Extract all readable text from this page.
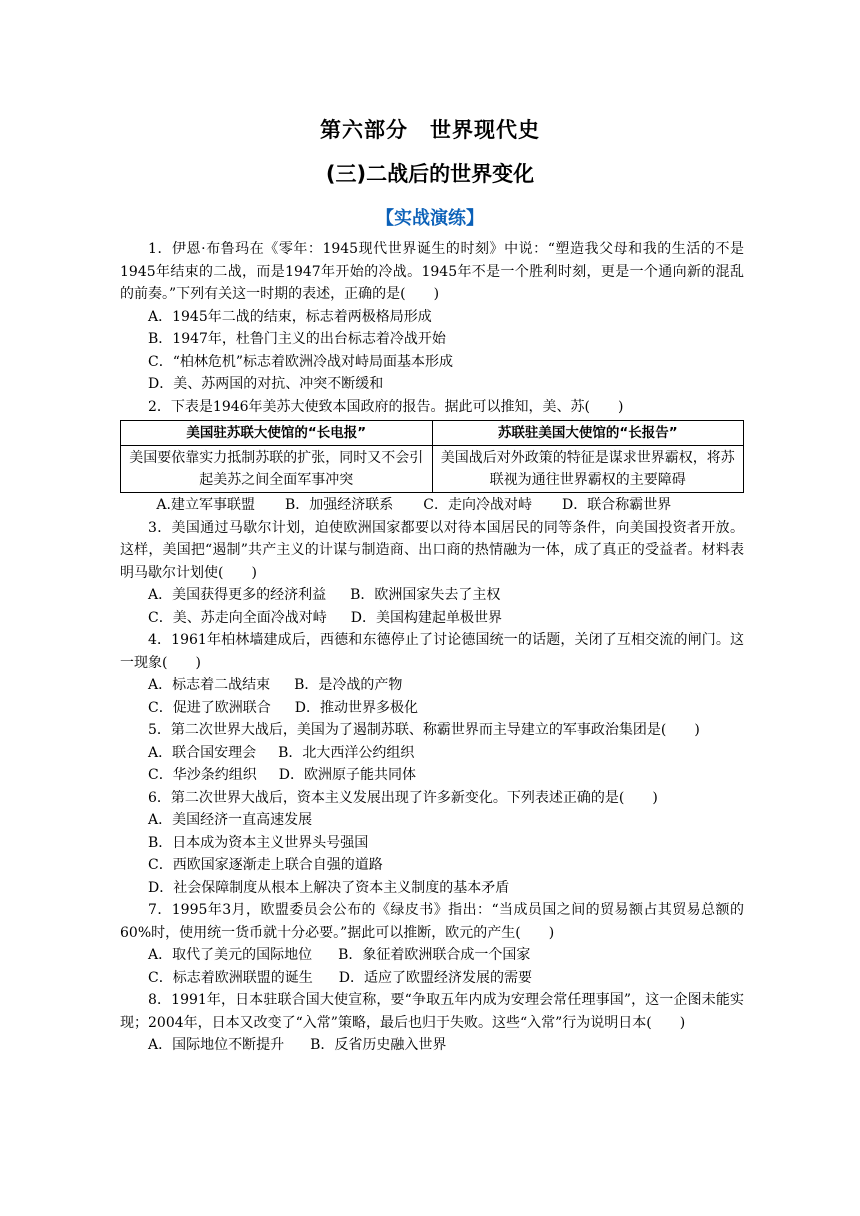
第六部分　世界现代史
(三)二战后的世界变化
【实战演练】

1．伊恩·布鲁玛在《零年：1945现代世界诞生的时刻》中说：“塑造我父母和我的生活的不是1945年结束的二战，而是1947年开始的冷战。1945年不是一个胜利时刻，更是一个通向新的混乱的前奏。”下列有关这一时期的表述，正确的是(　　)

A．1945年二战的结束，标志着两极格局形成

B．1947年，杜鲁门主义的出台标志着冷战开始

C．“柏林危机”标志着欧洲冷战对峙局面基本形成

D．美、苏两国的对抗、冲突不断缓和

2．下表是1946年美苏大使致本国政府的报告。据此可以推知，美、苏(　　)

美国驻苏联大使馆的“长电报”	苏联驻美国大使馆的“长报告”
美国要依靠实力抵制苏联的扩张，同时又不会引起美苏之间全面军事冲突	美国战后对外政策的特征是谋求世界霸权，将苏联视为通往世界霸权的主要障碍

A.建立军事联盟 B．加强经济联系 C．走向冷战对峙 D．联合称霸世界

3．美国通过马歇尔计划，迫使欧洲国家都要以对待本国居民的同等条件，向美国投资者开放。这样，美国把“遏制”共产主义的计谋与制造商、出口商的热情融为一体，成了真正的受益者。材料表明马歇尔计划使(　　)

A．美国获得更多的经济利益 B．欧洲国家失去了主权

C．美、苏走向全面冷战对峙 D．美国构建起单极世界

4．1961年柏林墙建成后，西德和东德停止了讨论德国统一的话题，关闭了互相交流的闸门。这一现象(　　)

A．标志着二战结束 B．是冷战的产物

C．促进了欧洲联合 D．推动世界多极化

5．第二次世界大战后，美国为了遏制苏联、称霸世界而主导建立的军事政治集团是(　　)

A．联合国安理会 B．北大西洋公约组织

C．华沙条约组织 D．欧洲原子能共同体

6．第二次世界大战后，资本主义发展出现了许多新变化。下列表述正确的是(　　)

A．美国经济一直高速发展

B．日本成为资本主义世界头号强国

C．西欧国家逐渐走上联合自强的道路

D．社会保障制度从根本上解决了资本主义制度的基本矛盾

7．1995年3月，欧盟委员会公布的《绿皮书》指出：“当成员国之间的贸易额占其贸易总额的60%时，使用统一货币就十分必要。”据此可以推断，欧元的产生(　　)

A．取代了美元的国际地位 B．象征着欧洲联合成一个国家

C．标志着欧洲联盟的诞生 D．适应了欧盟经济发展的需要

8．1991年，日本驻联合国大使宣称，要“争取五年内成为安理会常任理事国”，这一企图未能实现；2004年，日本又改变了“入常”策略，最后也归于失败。这些“入常”行为说明日本(　　)

A．国际地位不断提升 B．反省历史融入世界
